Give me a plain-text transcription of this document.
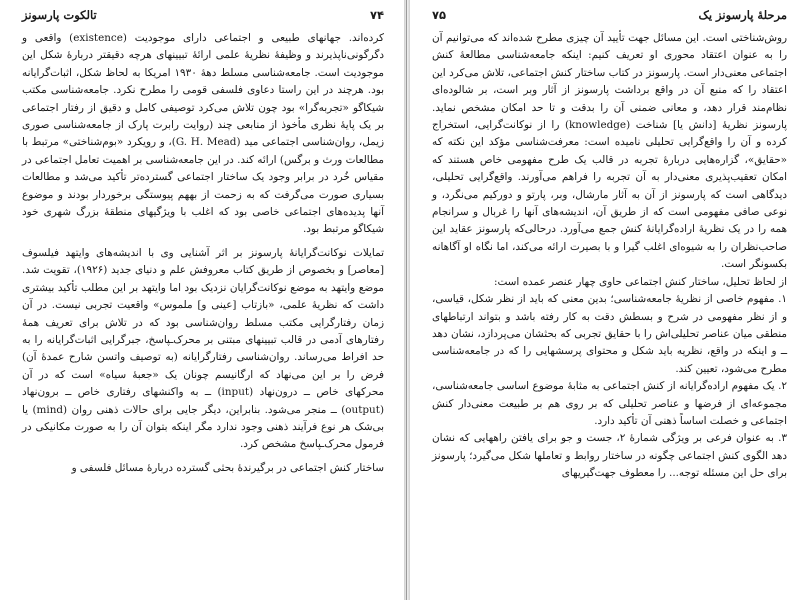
۷۴
تالکوت پارسونز

کرده‌اند. جهانهای طبیعی و اجتماعی دارای موجودیت (existence) واقعی و دگرگونی‌ناپذیرند و وظیفهٔ نظریهٔ علمی ارائهٔ تبیینهای هرچه دقیقتر دربارهٔ شکل این موجودیت است. جامعه‌شناسی مسلط دههٔ ۱۹۳۰ امریکا به لحاظ شکل، اثبات‌گرایانه بود. هرچند در این راستا دعاوی فلسفی قومی را مطرح نکرد. جامعه‌شناسی مکتب شیکاگو «تجربه‌گرا» بود چون تلاش می‌کرد توصیفی کامل و دقیق از رفتار اجتماعی بر یک پایهٔ نظری مأخوذ از منابعی چند (روایت رابرت پارک از جامعه‌شناسی صوری زیمل، روان‌شناسی اجتماعی مید (G. H. Mead)، و رویکرد «بوم‌شناختی» مرتبط با مطالعات ورث و برگس) ارائه کند. در این جامعه‌شناسی بر اهمیت تعامل اجتماعی در مقیاس خُرد در برابر وجود یک ساختار اجتماعی گسترده‌تر تأکید می‌شد و مطالعات بسیاری صورت می‌گرفت که به زحمت از بههم پیوستگی برخوردار بودند و موضوع آنها پدیده‌های اجتماعی خاصی بود که اغلب با ویژگیهای منطقهٔ بزرگ شهری خود شیکاگو مرتبط بود.

تمایلات نوکانت‌گرایانهٔ پارسونز بر اثر آشنایی وی با اندیشه‌های وایتهد فیلسوف [معاصر] و بخصوص از طریق کتاب معروفش علم و دنیای جدید (۱۹۲۶)، تقویت شد. موضع وایتهد به موضع نوکانت‌گرایان نزدیک بود اما وایتهد بر این مطلب تأکید بیشتری داشت که نظریهٔ علمی، «بازتاب [عینی و] ملموس» واقعیت تجربی نیست. در آن زمان رفتارگرایی مکتب مسلط روان‌شناسی بود که در تلاش برای تعریف همهٔ رفتارهای آدمی در قالب تبیینهای مبتنی بر محرک‌ـپاسخ، جبرگرایی اثبات‌گرایانه را به حد افراط می‌رساند. روان‌شناسی رفتارگرایانه (به توصیف واتسن شارح عمدهٔ آن) فرض را بر این می‌نهاد که ارگانیسم چونان یک «جعبهٔ سیاه» است که در آن محرکهای خاص ــ درون‌نهاد (input) ــ به واکنشهای رفتاری خاص ــ برون‌نهاد (output) ــ منجر می‌شود. بنابراین، دیگر جایی برای حالات ذهنی روان (mind) یا بی‌شک هر نوع فرآیند ذهنی وجود ندارد مگر اینکه بتوان آن را به صورت مکانیکی در فرمول محرک‌ـپاسخ مشخص کرد.

ساختار کنش اجتماعی در برگیرندهٔ بحثی گسترده دربارهٔ مسائل فلسفی و

مرحلهٔ پارسونز یک
۷۵

روش‌شناختی است. این مسائل جهت تأیید آن چیزی مطرح شده‌اند که می‌توانیم آن را به عنوان اعتقاد محوری او تعریف کنیم: اینکه جامعه‌شناسی مطالعهٔ کنش اجتماعی معنی‌دار است. پارسونز در کتاب ساختار کنش اجتماعی، تلاش می‌کرد این اعتقاد را که منبع آن در واقع برداشت پارسونز از آثار وبر است، بر شالوده‌ای نظام‌مند قرار دهد، و معانی ضمنی آن را بدقت و تا حد امکان مشخص نماید. پارسونز نظریهٔ [دانش یا] شناخت (knowledge) را از نوکانت‌گرایی، استخراج کرده و آن را واقع‌گرایی تحلیلی نامیده است: معرفت‌شناسی مؤکد این نکته که «حقایق»، گزاره‌هایی دربارهٔ تجربه در قالب یک طرح مفهومی خاص هستند که امکان تعقیب‌پذیری معنی‌دار به آن تجربه را فراهم می‌آورند. واقع‌گرایی تحلیلی، دیدگاهی است که پارسونز از آن به آثار مارشال، وبر، پارتو و دورکیم می‌نگرد، و نوعی صافی مفهومی است که از طریق آن، اندیشه‌های آنها را غربال و سرانجام همه را در یک نظریهٔ اراده‌گرایانهٔ کنش جمع می‌آورد. درحالی‌که پارسونز عقاید این صاحب‌نظران را به شیوه‌ای اغلب گیرا و با بصیرت ارائه می‌کند، اما نگاه او آگاهانه بکسونگر است.

از لحاظ تحلیل، ساختار کنش اجتماعی حاوی چهار عنصر عمده است:

۱. مفهوم خاصی از نظریهٔ جامعه‌شناسی؛ بدین معنی که باید از نظر شکل، قیاسی، و از نظر مفهومی در شرح و بسطش دقت به کار رفته باشد و بتواند ارتباطهای منطقی میان عناصر تحلیلی‌اش را با حقایق تجربی که بحثشان می‌پردازد، نشان دهد ــ و اینکه در واقع، نظریه باید شکل و محتوای پرسشهایی را که در جامعه‌شناسی مطرح می‌شود، تعیین کند.
۲. یک مفهوم اراده‌گرایانه از کنش اجتماعی به مثابهٔ موضوع اساسی جامعه‌شناسی، مجموعه‌ای از فرضها و عناصر تحلیلی که بر روی هم بر طبیعت معنی‌دار کنش اجتماعی و خصلت اساساً ذهنی آن تأکید دارد.
۳. به عنوان فرعی بر ویژگی شمارهٔ ۲، جست و جو برای یافتن راههایی که نشان دهد الگوی کنش اجتماعی چگونه در ساختار روابط و تعاملها شکل می‌گیرد؛ پارسونز برای حل این مسئله توجه... را معطوف جهت‌گیریهای
